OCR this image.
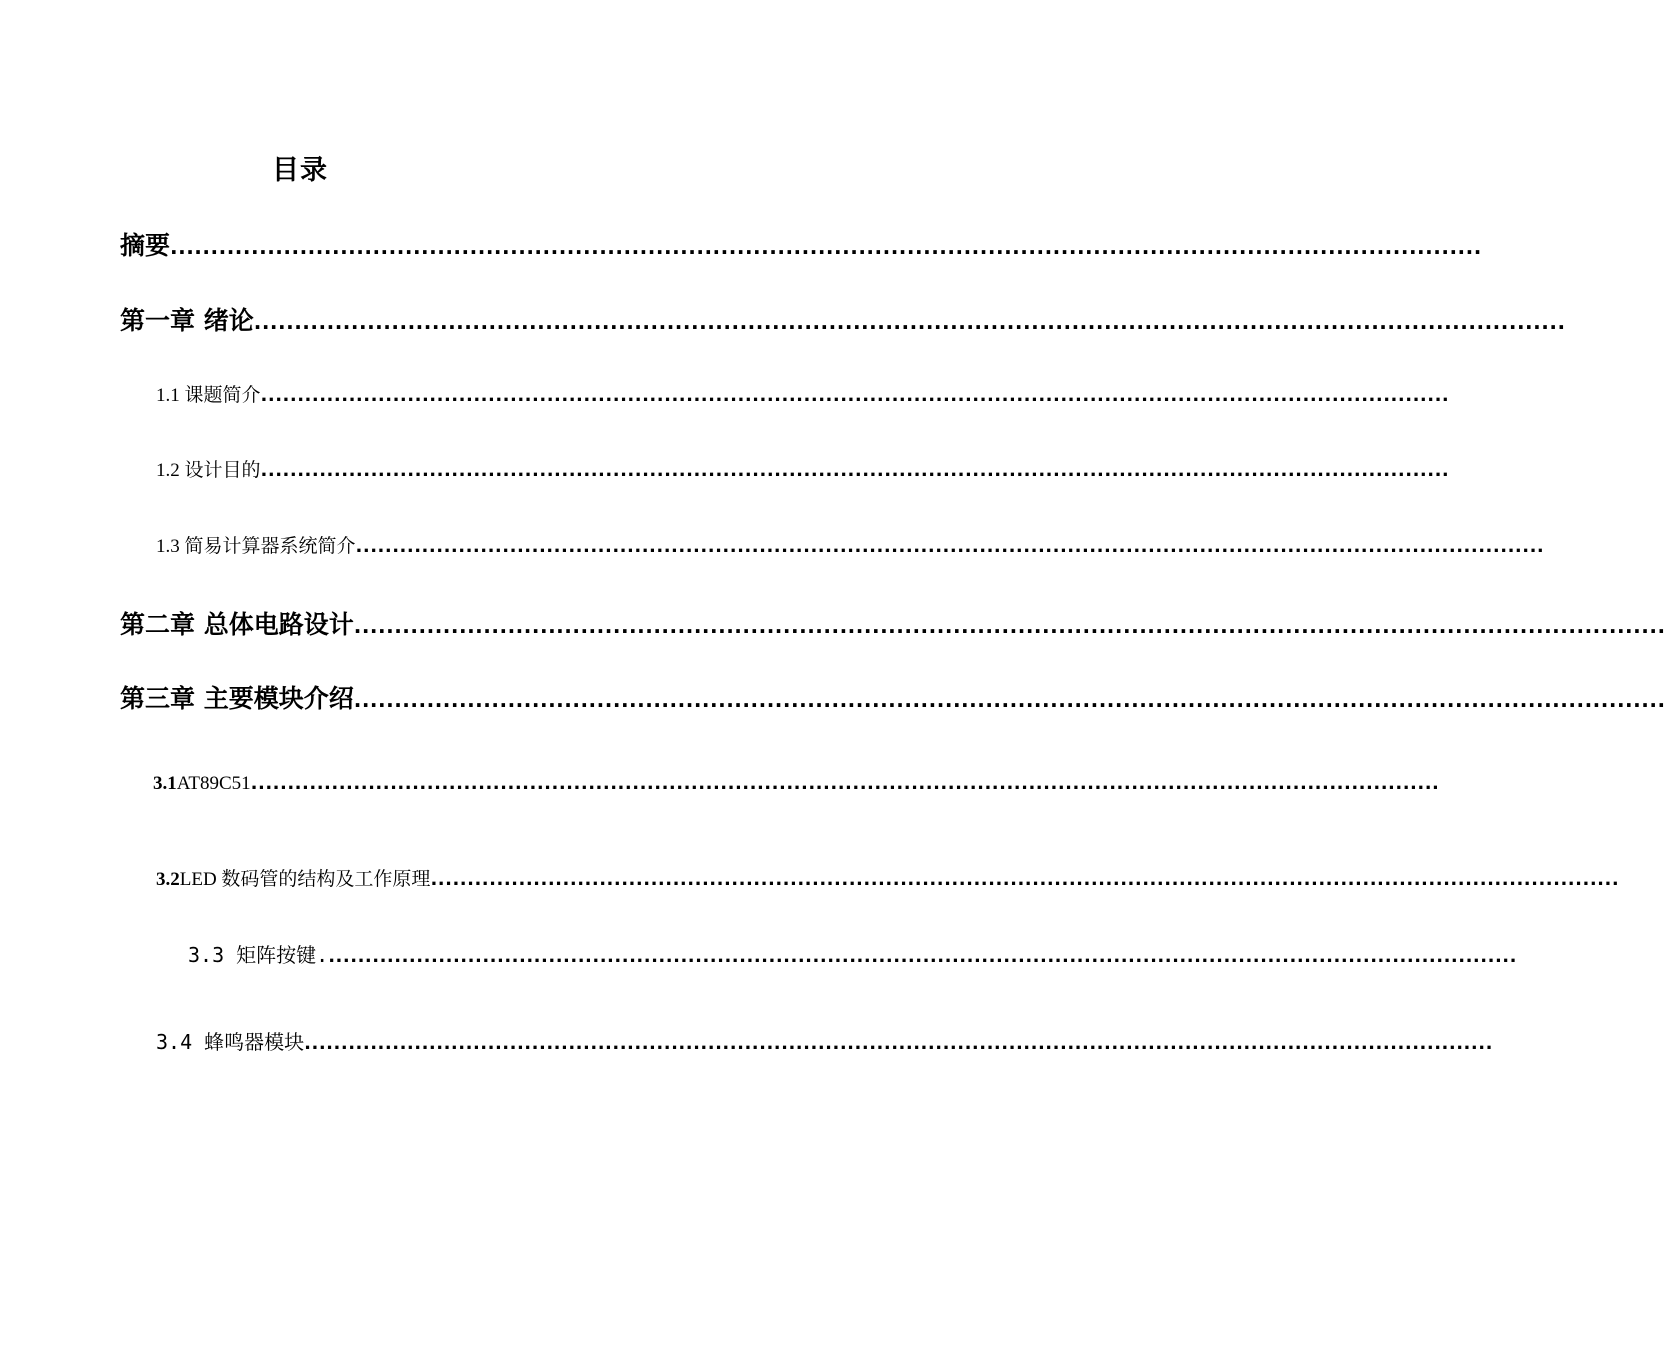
目录
摘要 ..................................................................................................................................................................
第一章 绪论 ..................................................................................................................................................................
1.1 课题简介 ..................................................................................................................................................................
1.2 设计目的 ..................................................................................................................................................................
1.3 简易计算器系统简介 ..................................................................................................................................................................
第二章 总体电路设计 ..................................................................................................................................................................
第三章 主要模块介绍 ..................................................................................................................................................................
3.1 AT89C51 ..................................................................................................................................................................
3.2 LED 数码管的结构及工作原理 ..................................................................................................................................................................
3.3 矩阵按键. ..................................................................................................................................................................
3.4 蜂鸣器模块 ..................................................................................................................................................................
